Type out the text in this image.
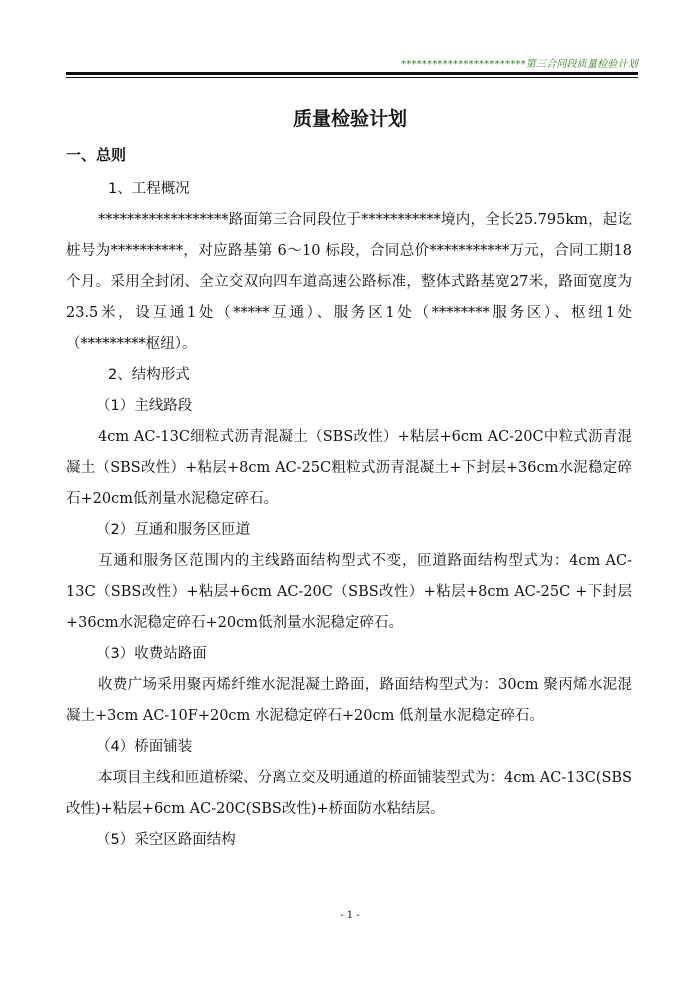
************************第三合同段质量检验计划
质量检验计划
一、总则
1、工程概况

******************路面第三合同段位于***********境内，全长25.795km，起讫桩号为**********，对应路基第 6～10 标段，合同总价***********万元，合同工期18个月。采用全封闭、全立交双向四车道高速公路标准，整体式路基宽27米，路面宽度为23.5米，设互通1处（*****互通）、服务区1处（********服务区）、枢纽1处（*********枢纽）。

2、结构形式
（1）主线路段

4cm AC-13C细粒式沥青混凝土（SBS改性）+粘层+6cm AC-20C中粒式沥青混凝土（SBS改性）+粘层+8cm AC-25C粗粒式沥青混凝土+下封层+36cm水泥稳定碎石+20cm低剂量水泥稳定碎石。

（2）互通和服务区匝道

互通和服务区范围内的主线路面结构型式不变，匝道路面结构型式为：4cm AC-13C（SBS改性）+粘层+6cm AC-20C（SBS改性）+粘层+8cm AC-25C +下封层+36cm水泥稳定碎石+20cm低剂量水泥稳定碎石。

（3）收费站路面

收费广场采用聚丙烯纤维水泥混凝土路面，路面结构型式为：30cm 聚丙烯水泥混凝土+3cm AC-10F+20cm 水泥稳定碎石+20cm 低剂量水泥稳定碎石。

（4）桥面铺装

本项目主线和匝道桥梁、分离立交及明通道的桥面铺装型式为：4cm AC-13C(SBS改性)+粘层+6cm AC-20C(SBS改性)+桥面防水粘结层。

（5）采空区路面结构
- 1 -
